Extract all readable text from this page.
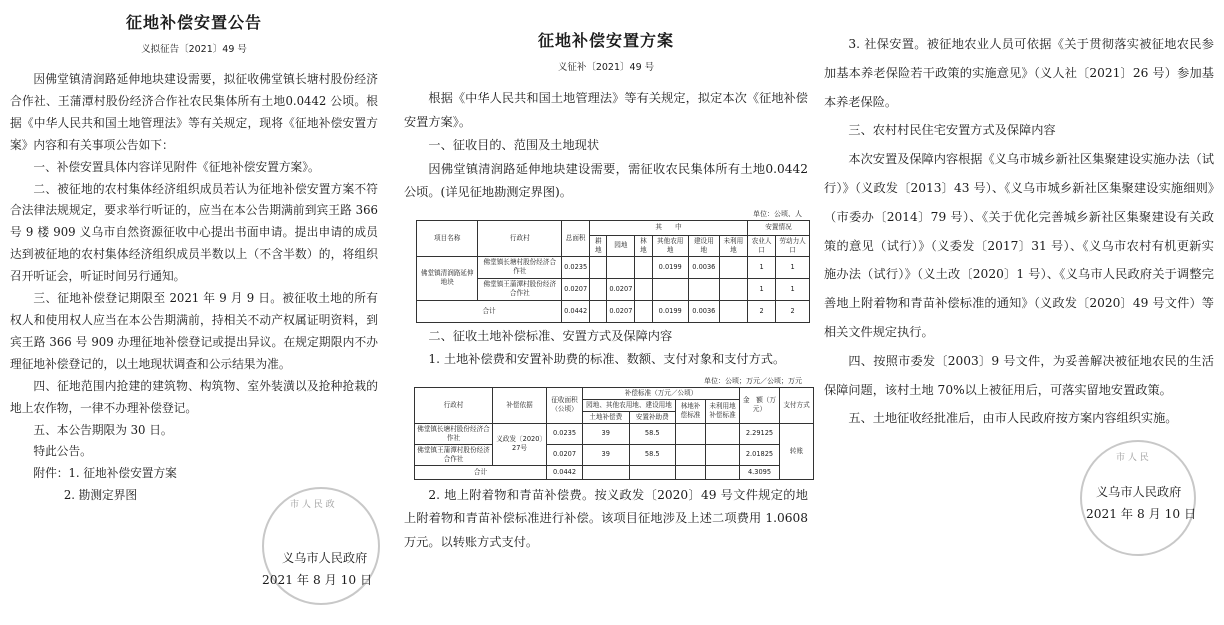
征地补偿安置公告
义拟征告〔2021〕49 号
因佛堂镇清润路延伸地块建设需要，拟征收佛堂镇长塘村股份经济合作社、王蒲潭村股份经济合作社农民集体所有土地0.0442 公顷。根据《中华人民共和国土地管理法》等有关规定，现将《征地补偿安置方案》内容和有关事项公告如下：
一、补偿安置具体内容详见附件《征地补偿安置方案》。
二、被征地的农村集体经济组织成员若认为征地补偿安置方案不符合法律法规规定，要求举行听证的，应当在本公告期满前到宾王路 366 号 9 楼 909 义乌市自然资源征收中心提出书面申请。提出申请的成员达到被征地的农村集体经济组织成员半数以上（不含半数）的，将组织召开听证会，听证时间另行通知。
三、征地补偿登记期限至 2021 年 9 月 9 日。被征收土地的所有权人和使用权人应当在本公告期满前，持相关不动产权属证明资料，到宾王路 366 号 909 办理征地补偿登记或提出异议。在规定期限内不办理征地补偿登记的，以土地现状调查和公示结果为准。
四、征地范围内抢建的建筑物、构筑物、室外装潢以及抢种抢栽的地上农作物，一律不办理补偿登记。
五、本公告期限为 30 日。
特此公告。
附件：1. 征地补偿安置方案
2. 勘测定界图
市 人 民 政
义乌市人民政府
2021 年 8 月 10 日
征地补偿安置方案
义征补〔2021〕49 号
根据《中华人民共和国土地管理法》等有关规定，拟定本次《征地补偿安置方案》。
一、征收目的、范围及土地现状
因佛堂镇清润路延伸地块建设需要，需征收农民集体所有土地0.0442 公顷。(详见征地勘测定界图)。
单位：公顷、人
项目名称	行政村	总面积	其　　中						安置情况	
			耕地	园地	林地	其他农用地	建设用地	未利用地	农业人口	劳动力人口
佛堂镇清润路延伸地块	佛堂镇长塘村股份经济合作社	0.0235				0.0199	0.0036		1	1
	佛堂镇王蒲潭村股份经济合作社	0.0207		0.0207					1	1
合计		0.0442		0.0207		0.0199	0.0036		2	2
二、征收土地补偿标准、安置方式及保障内容
1. 土地补偿费和安置补助费的标准、数额、支付对象和支付方式。
单位：公顷；万元／公顷；万元
行政村	补偿依据	征收面积（公顷）	补偿标准（万元／公顷）				金　额（万元）	支付方式
			园地、其他农用地、建设用地		林地补偿标准	未利用地补偿标准		
			土地补偿费	安置补助费				
佛堂镇长塘村股份经济合作社	义政发〔2020〕27号	0.0235	39	58.5			2.29125	转账
佛堂镇王蒲潭村股份经济合作社		0.0207	39	58.5			2.01825	
合计		0.0442					4.3095	
2. 地上附着物和青苗补偿费。按义政发〔2020〕49 号文件规定的地上附着物和青苗补偿标准进行补偿。该项目征地涉及上述二项费用 1.0608 万元。以转账方式支付。
3. 社保安置。被征地农业人员可依据《关于贯彻落实被征地农民参加基本养老保险若干政策的实施意见》（义人社〔2021〕26 号）参加基本养老保险。
三、农村村民住宅安置方式及保障内容
本次安置及保障内容根据《义乌市城乡新社区集聚建设实施办法（试行）》（义政发〔2013〕43 号）、《义乌市城乡新社区集聚建设实施细则》（市委办〔2014〕79 号）、《关于优化完善城乡新社区集聚建设有关政策的意见（试行）》（义委发〔2017〕31 号）、《义乌市农村有机更新实施办法（试行）》（义土改〔2020〕1 号）、《义乌市人民政府关于调整完善地上附着物和青苗补偿标准的通知》（义政发〔2020〕49 号文件）等相关文件规定执行。
四、按照市委发〔2003〕9 号文件，为妥善解决被征地农民的生活保障问题，该村土地 70%以上被征用后，可落实留地安置政策。
五、土地征收经批准后，由市人民政府按方案内容组织实施。
市 人 民
义乌市人民政府
2021 年 8 月 10 日
